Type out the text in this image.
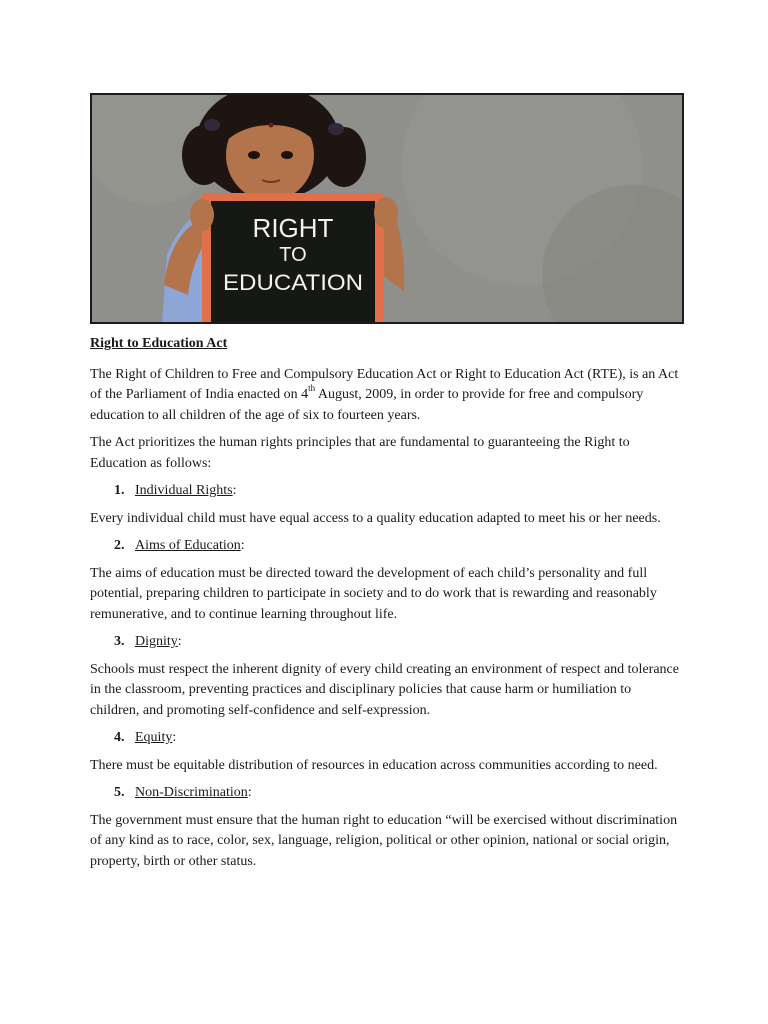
RIGHT
TO
EDUCATION

Right to Education Act

The Right of Children to Free and Compulsory Education Act or Right to Education Act (RTE), is an Act of the Parliament of India enacted on 4th August, 2009, in order to provide for free and compulsory education to all children of the age of six to fourteen years.

The Act prioritizes the human rights principles that are fundamental to guaranteeing the Right to Education as follows:

1. Individual Rights:

Every individual child must have equal access to a quality education adapted to meet his or her needs.

2. Aims of Education:

The aims of education must be directed toward the development of each child’s personality and full potential, preparing children to participate in society and to do work that is rewarding and reasonably remunerative, and to continue learning throughout life.

3. Dignity:

Schools must respect the inherent dignity of every child creating an environment of respect and tolerance in the classroom, preventing practices and disciplinary policies that cause harm or humiliation to children, and promoting self-confidence and self-expression.

4. Equity:

There must be equitable distribution of resources in education across communities according to need.

5. Non-Discrimination:

The government must ensure that the human right to education “will be exercised without discrimination of any kind as to race, color, sex, language, religion, political or other opinion, national or social origin, property, birth or other status.
